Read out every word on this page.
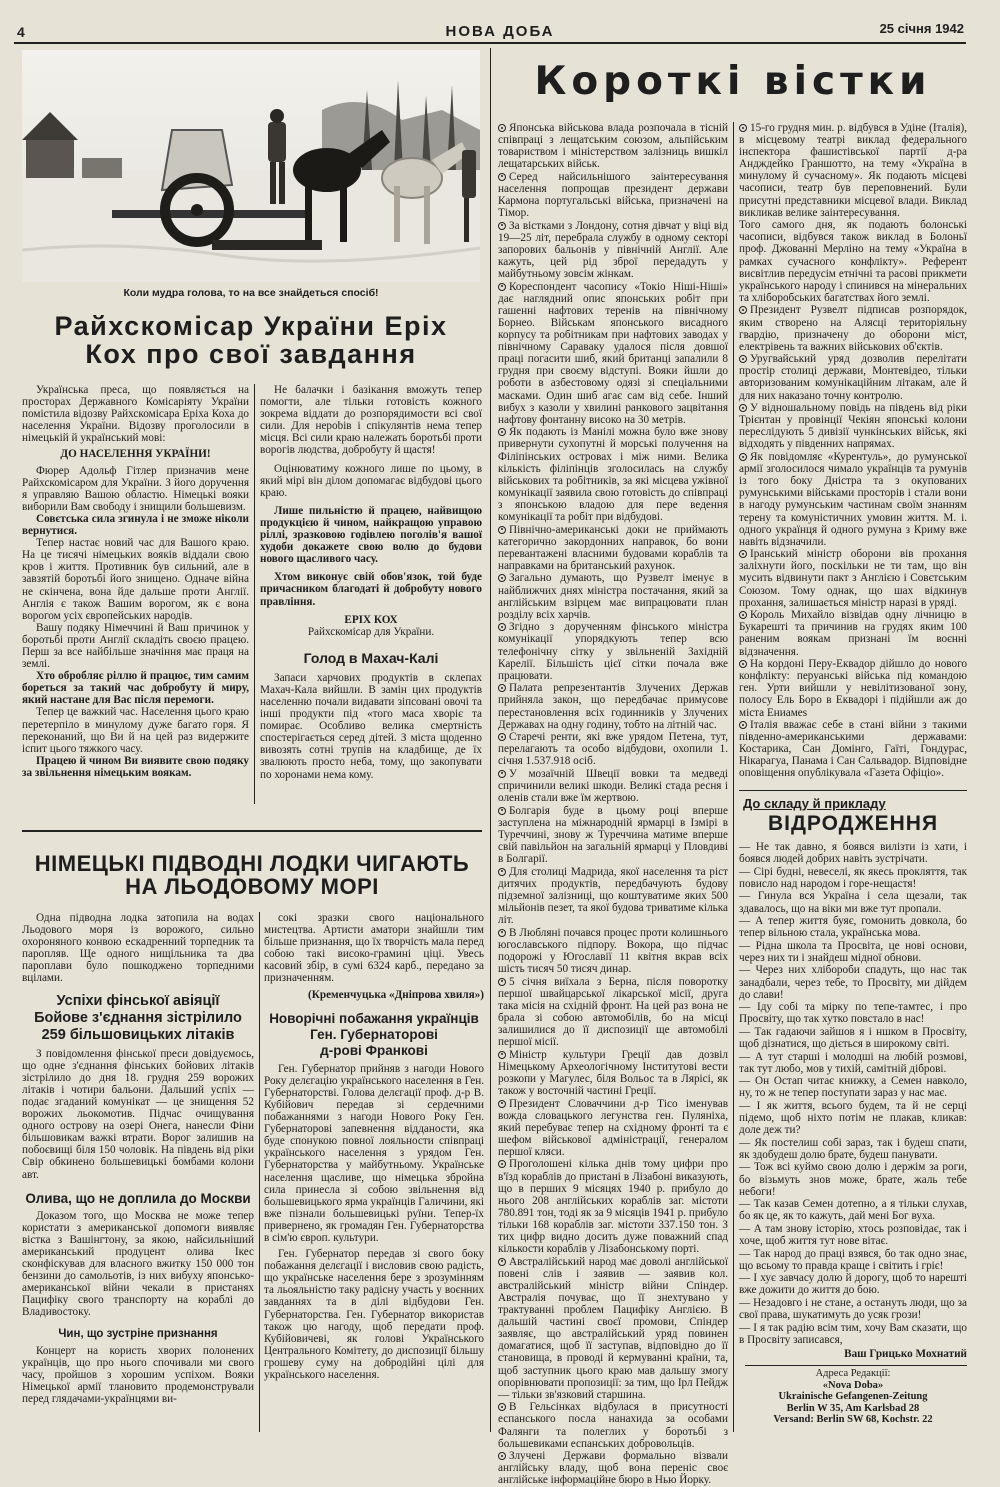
4	НОВА ДОБА	25 січня 1942

Коли мудра голова, то на все знайдеться спосіб!

Райхскомісар України Еріх
Кох про свої завдання

Українська преса, що появляється на просторах Державного Комісаріяту України помістила відозву Райхскомісара Еріха Коха до населення України. Відозву проголосили в німецькій й український мові:

ДО НАСЕЛЕННЯ УКРАЇНИ!

Фюрер Адольф Гітлер призначив мене Райхскомісаром для України. З його доручення я управляю Вашою областю. Німецькі вояки виборили Вам свободу і знищили большевизм.

Совєтська сила згинула і не зможе ніколи вернутися.

Тепер настає новий час для Вашого краю. На це тисячі німецьких вояків віддали свою кров і життя. Противник був сильний, але в завзятій боротьбі його знищено. Одначе війна не скінчена, вона йде дальше проти Англії. Англія є також Вашим ворогом, як є вона ворогом усіх європейських народів.

Вашу подяку Німеччині й Ваш причинок у боротьбі проти Англії складіть своєю працею. Перш за все найбільше значіння має праця на землі.

Хто обробляє ріллю й працює, тим самим бореться за такий час добробуту й миру, який настане для Вас після перемоги.

Тепер це важкий час. Населення цього краю перетерпіло в минулому дуже багато горя. Я переконаний, що Ви й на цей раз видержите іспит цього тяжкого часу.

Працею й чином Ви виявите свою подяку за звільнення німецьким воякам.

Не балачки і базікання вможуть тепер помогти, але тільки готовість кожного зокрема віддати до розпорядимости всі свої сили. Для нерobів і спікулянтів нема тепер місця. Всі сили краю належать боротьбі проти ворогів людства, добробуту й щастя!

Оцінюватиму кожного лише по цьому, в який мірі він ділом допомагає відбудові цього краю.

Лише пильністю й працею, найвищою продукцією й чином, найкращою управою ріллі, зразковою годівлею поголів'я вашої худоби докажете свою волю до будови нового щасливого часу.

Хтом виконує свій обов'язок, той буде причасником благодаті й добробуту нового правління.

ЕРІХ КОХ

Райхскомісар для України.

Голод в Махач-Калі

Запаси харчових продуктів в склепах Махач-Кала вийшли. В замін цих продуктів населенню почали видавати зіпсовані овочі та інші продукти під «того маса хворіє та помирає. Особливо велика смертність спостерігається серед дітей. З міста щоденно вивозять сотні трупів на кладбище, де їх звалюють просто неба, тому, що закопувати по хоронами нема кому.

НІМЕЦЬКІ ПІДВОДНІ ЛОДКИ ЧИГАЮТЬ
НА ЛЬОДОВОМУ МОРІ

Одна підводна лодка затопила на водах Льодового моря із ворожого, сильно охороняного конвою ескадренний торпедник та паропляв. Ще одного нищільника та два пароплави було пошкоджено торпедними вцілами.

Успіхи фінської авіяції
Бойове з'єднання зістрілило
259 більшовицьких літаків

З повідомлення фінської преси довідуємось, що одне з'єднання фінських бойових літаків зістрілило до дня 18. грудня 259 ворожих літаків і чотири бальони. Дальший успіх — подає згаданий комунікат — це знищення 52 ворожих льокомотив. Підчас очищування одного острову на озері Онега, нанесли Фіни більшовикам важкі втрати. Ворог залишив на побоєвищі біля 150 чоловік. На південь від ріки Свір обкинено большевицькі бомбами колони авт.

Олива, що не доплила до Москви

Доказом того, що Москва не може тепер користати з американської допомоги виявляє вістка з Вашінгтону, за якою, найсильніший американський продуцент олива Ікес сконфіскував для власного вжитку 150 000 тон бензини до самольотів, із них вибуху японсько-американської війни чекали в пристанях Пацифіку свого транспорту на кораблі до Владивостоку.

Чин, що зустріне признання

Концерт на користь хворих полонених українців, що про нього спочивали ми свого часу, пройшов з хорошим успіхом. Вояки Німецької армії тлановито продемонстрували перед глядачами-українцями ви-

сокі зразки свого національного мистецтва. Артисти аматори знайшли тим більше признання, що їх творчість мала перед собою такі високо-грамині ціці. Увесь касовий збір, в сумі 6324 карб., передано за призначенням.

(Кременчуцька «Дніпрова хвиля»)

Новорічні побажання українців
Ген. Губернаторові
д-рові Франкові

Ген. Губернатор прийняв з нагоди Нового Року делєгацію українського населення в Ген. Губернаторстві. Голова делєгації проф. д-р В. Кубійович передав зі сердечними побажаннями з нагоди Нового Року Ген. Губернаторові запевнення відданости, яка буде спонукою повної лояльности співпраці українського населення з урядом Ген. Губернаторства у майбутньому. Українське населення щасливе, що німецька збройна сила принесла зі собою звільнення від большевицького ярма українців Галичини, які вже пізнали большевицькі руїни. Тепер-їх привернено, як громадян Ген. Губернаторства в сім'ю європ. культури.

Ген. Губернатор передав зі свого боку побажання делєгації і висловив свою радість, що українське населення бере з зрозумінням та льояльністю таку радісну участь у воєнних завданнях та в ділі відбудови Ген. Губернаторства. Ген. Губернатор використав також цю нагоду, щоб передати проф. Кубійовичеві, як голові Українського Центрального Комітету, до диспозиції більшу грошеву суму на добродійні цілі для українського населення.

Короткі вістки

Японська військова влада розпочала в тісній співпраці з лещатським союзом, альпійським товариством і міністерством залізниць вишкіл лещатарських військ.

Серед найсильнішого заінтересування населення попрощав президент держави Кармона португальські війська, призначені на Тімор.

За вістками з Лондону, сотня дівчат у віці від 19—25 літ, перебрала службу в одному секторі запорових бальонів у північній Англії. Але кажуть, цей рід зброї передадуть у майбутньому зовсім жінкам.

Кореспондент часопису «Токіо Ніші-Ніші» дає наглядний опис японських робіт при гашенні нафтових теренів на північному Борнео. Військам японського висадного корпусу та робітникам при нафтових заводах у північному Саравaку удалося після довшої праці погасити шиб, який британці запалили 8 грудня при своєму відступі. Вояки йшли до роботи в азбестовому одязі зі спеціальними масками. Один шиб агає сам від себе. Інший вибух з казоли у хвилині ранкового зацвітання нафтову фонтанну високо на 30 метрів.

Як подають із Манілі можна було вже знову привернути сухопутні й морські получення на Філіпінських островах і між ними. Велика кількість філіпінців зголосилась на службу військових та робітників, за які місцева ужівної комунікації заявила свою готовість до співпраці з японською владою для пере ведення комунікації та робіт при відбудові.

Північно-американські доки не приймають категорично закордонних направок, бо вони перевантажені власними будовами кораблів та направками на британський рахунок.

Загально думають, що Рузвелт іменує в найближчих днях міністра постачання, який за англійським взірцем має випрацювати план розділу всіх харчів.

Згідно з дорученням фінського міністра комунікації упорядкують тепер всю телефонічну сітку у звільненій Західній Карелії. Більшість цієї сітки почала вже працювати.

Палата репрезентантів Злучених Держав прийняла закон, що передбачає примусове перестановлення всіх годинників у Злучених Державах на одну годину, тобто на літній час.

Старечі ренти, які вже урядом Петена, тут, перелагають та особо відбудови, охопили 1. січня 1.537.918 осіб.

У мозаїчній Швеції вовки та медведі спричинили великі шкоди. Великі стада ресня і оленів стали вже їм жертвою.

Болгарія буде в цьому році вперше заступлена на міжнародній ярмарці в Ізмірі в Туреччині, знову ж Туреччина матиме вперше свій павільйон на загальній ярмарці у Пловдиві в Болгарії.

Для столиці Мадрида, якої населення та ріст дитячих продуктів, передбачують будову підземної залізниці, що коштуватиме яких 500 мільйонів пезет, та якої будова триватиме кілька літ.

В Люблянi почався процес проти колишнього югославського підпору. Вокора, що підчас подорожі у Югославії 11 квітня вкрав всіх шість тисяч 50 тисяч динар.

5 січня виїхала з Берна, після поворотку першої швайцарської лікарської місії, друга така місія на східній фронт. На цей раз вона не брала зі собою автомобілів, бо на місці залишилися до її диспозиції ще автомобілі першої місії.

Міністр культури Греції дав дозвіл Німецькому Археологічному Інститутові вести розкопи у Магулес, біля Вольос та в Лярісі, як також у восточній частині Греції.

Президент Словаччини д-р Тісо іменував вожда словацького легунства ген. Пуляніха, який перебуває тепер на східному фронті та є шефом військової адміністрації, генералом першої кляси.

Проголошені кілька днів тому цифри про в'їзд кораблів до пристані в Лізабоні виказують, що в перших 9 місяцях 1940 р. прибуло до нього 208 англійських кораблів заг. містоти 780.891 тон, тоді як за 9 місяців 1941 р. прибуло тільки 168 кораблів заг. містоти 337.150 тон. З тих цифр видно досить дуже поважний спад кількости кораблів у Лізабонському порті.

Австралійський народ має доволі англійської повені слів і заявив — заявив кол. австралійський міністр війни Спіндер. Австралія почуває, що її знехтувано у трактуванні проблем Пацифіку Англією. В дальшій частині своєї промови, Спіндер заявляє, що австралійський уряд повинен домагатися, щоб її заступав, відповідно до її становища, в проводі й кермуванні країни, та, щоб заступник цього краю мав дальшу змогу опорівнювати пропозиції: за тим, що Ірл Пейдж — тільки зв'язковий старшина.

В Гельсінках відбулася в присутності еспанського посла нанахида за особами Фалянги та полеглих у боротьбі з большевиками еспанських добровольців.

Злучені Держави формально візвали англійську владу, щоб вона переніс своє англійське інформаційне бюро в Нью Йорку.

15-го грудня мин. р. відбувся в Удіне (Італія), в місцевому театрі виклад федерального інспектора фашистівської партії д-ра Андждейко Граншотто, на тему «Україна в минулому й сучасному». Як подають місцеві часописи, театр був переповнений. Були присутні представники місцевої влади. Виклад викликав велике заінтересування.

Того самого дня, як подають болонські часописи, відбувся також виклад в Болоньї проф. Джованні Мерліно на тему «Україна в рамках сучасного конфлікту». Референт висвітлив передусім етнічні та расові прикмети українського народу і спинився на мінеральних та хліборобських багатствах його землі.

Президент Рузвелт підписав розпорядок, яким створено на Алясці територіяльну гвардію, призначену до оборони міст, електрівень та важних військових об'єктів.

Уругвайський уряд дозволив перелітати простір столиці держави, Монтевідео, тільки авторизованим комунікаційним літакам, але й для них наказано точну контролю.

У відношальному повідь на південь від ріки Трієнтан у провінції Чекіян японські колони переслідують 5 дивізії чункінських військ, які відходять у південних напрямах.

Як повідомляє «Курентуль», до румунської армії зголосилося чимало українців та румунів із того боку Дністра та з окупованих румунськими військами просторів і стали вони в нагоду румунським частинам своїм знанням терену та комуністичних умовин життя. М. і. одного українця й одного румуна з Криму вже навіть відзначили.

Іранський міністр оборони вів прохання заліхнути його, поскільки не ти там, що він мусить відвинути пакт з Англією і Совєтським Союзом. Тому однак, що шах відкинув прохання, залишається міністр наразі в уряді.

Король Михайло візвідав одну лічницю в Букарешті та причинив на грудях яким 100 раненим воякам признані їм воєнні відзначення.

На кордоні Перу-Еквадор дійшло до нового конфлікту: перуанські війська під командою ген. Урти вийшли у невілітизованої зону, полосу Ель Боро в Еквадорі і підійшли аж до міста Ениамеs

Італія вважає себе в стані війни з такими південно-американськими державами: Костарика, Сан Домінго, Гаїті, Гондурас, Нікарагуа, Панама і Сан Сальвадор. Відповідне оповіщення опублікувала «Газета Офіціо».

До складу й прикладу
ВІДРОДЖЕННЯ

— Не так давно, я боявся вилізти із хати, і боявся людей добрих навіть зустрічати.

— Сірі будні, невеселі, як якесь прокляття, так повисло над народом і горе-нещастя!

— Гинула вся Україна і села щезали, так здавалось, що на віки ми вже тут пропали.

— А тепер життя буяє, гомонить довкола, бо тепер вільною стала, українська мова.

— Рідна школа та Просвіта, це нові основи, через них ти і знайдеш мідної обнови.

— Через них хлібороби спадуть, що нас так занадбали, через тебе, то Просвіту, ми дійдем до слави!

— Іду собі та мірку по тепе-тамтес, і про Просвіту, що так хутко повстало в нас!

— Так гадаючи зайшов я і ншком в Просвіту, щоб дізнатися, що діється в широкому світі.

— А тут старші і молодші на любій розмові, так тут любо, мов у тихій, самітній діброві.

— Он Остап читає книжку, а Семен навколо, ну, то ж не тепер поступати зараз у нас має.

— І як життя, всього будем, та й не серці підемо, щоб ніхто потім не плакав, кликав: доле деж ти?

— Як постелиш собі зараз, так і будеш спати, як здобудеш долю брате, будеш панувати.

— Тож всі куймо свою долю і держім за роги, бо візьмуть знов може, брате, жаль тебе небоги!

— Так казав Семен дотепно, а я тільки слухав, бо як це, як то кажуть, дай мені Бог вуха.

— А там знову історію, хтось розповідає, так і хоче, щоб життя тут нове вітає.

— Так народ до праці взявся, бо так одно знає, що всьому то правда краще і світить і гріє!

— І хує завчасу долю й дорогу, щоб то нарешті вже дожити до життя до бою.

— Незадовго і не стане, а остануть люди, що за свої права, шукатимуть до усяк грози!

— І я так радію всім тим, хочу Вам сказати, що в Просвіту записався,

Ваш Грицько Мохнатий

Адреса Редакції:
«Nova Doba»
Ukrainische Gefangenen-Zeitung
Berlin W 35, Am Karlsbad 28
Versand: Berlin SW 68, Kochstr. 22
